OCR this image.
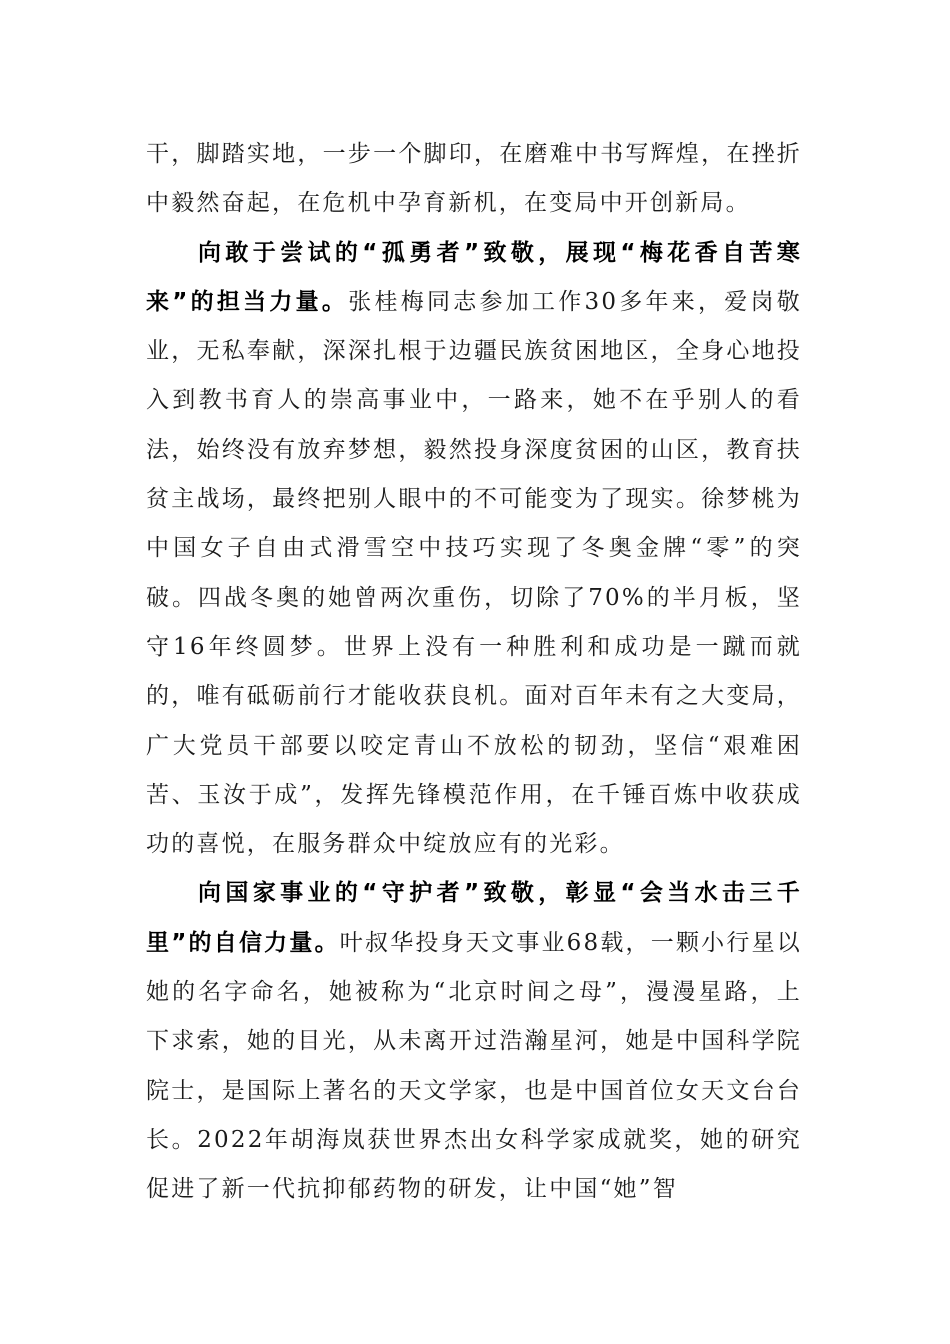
干，脚踏实地，一步一个脚印，在磨难中书写辉煌，在挫折中毅然奋起，在危机中孕育新机，在变局中开创新局。

向敢于尝试的“孤勇者”致敬，展现“梅花香自苦寒来”的担当力量。张桂梅同志参加工作30多年来，爱岗敬业，无私奉献，深深扎根于边疆民族贫困地区，全身心地投入到教书育人的崇高事业中，一路来，她不在乎别人的看法，始终没有放弃梦想，毅然投身深度贫困的山区，教育扶贫主战场，最终把别人眼中的不可能变为了现实。徐梦桃为中国女子自由式滑雪空中技巧实现了冬奥金牌“零”的突破。四战冬奥的她曾两次重伤，切除了70%的半月板，坚守16年终圆梦。世界上没有一种胜利和成功是一蹴而就的，唯有砥砺前行才能收获良机。面对百年未有之大变局，广大党员干部要以咬定青山不放松的韧劲，坚信“艰难困苦、玉汝于成”，发挥先锋模范作用，在千锤百炼中收获成功的喜悦，在服务群众中绽放应有的光彩。

向国家事业的“守护者”致敬，彰显“会当水击三千里”的自信力量。叶叔华投身天文事业68载，一颗小行星以她的名字命名，她被称为“北京时间之母”，漫漫星路，上下求索，她的目光，从未离开过浩瀚星河，她是中国科学院院士，是国际上著名的天文学家，也是中国首位女天文台台长。2022年胡海岚获世界杰出女科学家成就奖，她的研究促进了新一代抗抑郁药物的研发，让中国“她”智
